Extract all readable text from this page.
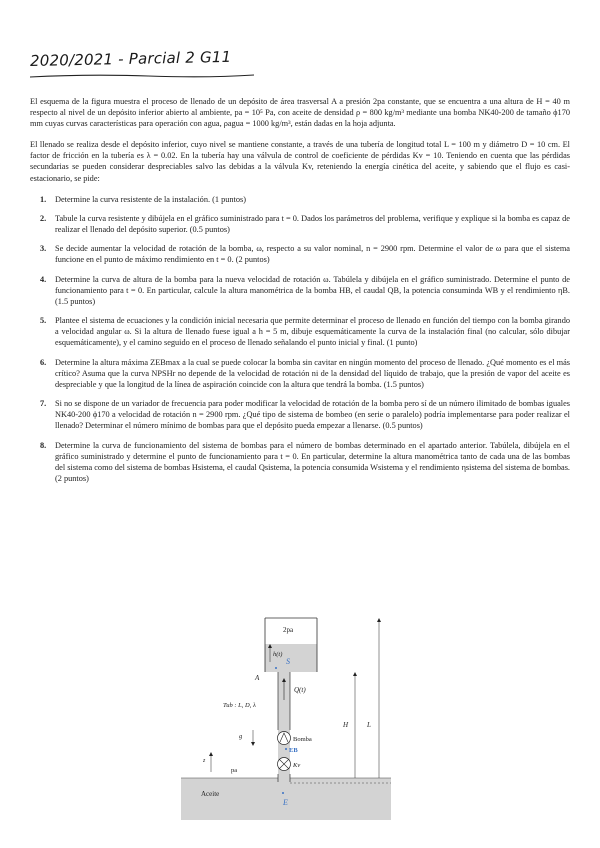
2020/2021 - Parcial 2 G11

El esquema de la figura muestra el proceso de llenado de un depósito de área trasversal A a presión 2pa constante, que se encuentra a una altura de H = 40 m respecto al nivel de un depósito inferior abierto al ambiente, pa = 10⁵ Pa, con aceite de densidad ρ = 800 kg/m³ mediante una bomba NK40-200 de tamaño ϕ170 mm cuyas curvas características para operación con agua, ρagua = 1000 kg/m³, están dadas en la hoja adjunta.

El llenado se realiza desde el depósito inferior, cuyo nivel se mantiene constante, a través de una tubería de longitud total L = 100 m y diámetro D = 10 cm. El factor de fricción en la tubería es λ = 0.02. En la tubería hay una válvula de control de coeficiente de pérdidas Kv = 10. Teniendo en cuenta que las pérdidas secundarias se pueden considerar despreciables salvo las debidas a la válvula Kv, reteniendo la energía cinética del aceite, y sabiendo que el flujo es casi-estacionario, se pide:

1. Determine la curva resistente de la instalación. (1 puntos)
2. Tabule la curva resistente y dibújela en el gráfico suministrado para t = 0. Dados los parámetros del problema, verifique y explique si la bomba es capaz de realizar el llenado del depósito superior. (0.5 puntos)
3. Se decide aumentar la velocidad de rotación de la bomba, ω, respecto a su valor nominal, n = 2900 rpm. Determine el valor de ω para que el sistema funcione en el punto de máximo rendimiento en t = 0. (2 puntos)
4. Determine la curva de altura de la bomba para la nueva velocidad de rotación ω. Tabúlela y dibújela en el gráfico suministrado. Determine el punto de funcionamiento para t = 0. En particular, calcule la altura manométrica de la bomba HB, el caudal QB, la potencia consuminda WB y el rendimiento ηB. (1.5 puntos)
5. Plantee el sistema de ecuaciones y la condición inicial necesaria que permite determinar el proceso de llenado en función del tiempo con la bomba girando a velocidad angular ω. Si la altura de llenado fuese igual a h = 5 m, dibuje esquemáticamente la curva de la instalación final (no calcular, sólo dibujar esquemáticamente), y el camino seguido en el proceso de llenado señalando el punto inicial y final. (1 punto)
6. Determine la altura máxima ZEBmax a la cual se puede colocar la bomba sin cavitar en ningún momento del proceso de llenado. ¿Qué momento es el más crítico? Asuma que la curva NPSHr no depende de la velocidad de rotación ni de la densidad del líquido de trabajo, que la presión de vapor del aceite es despreciable y que la longitud de la línea de aspiración coincide con la altura que tendrá la bomba. (1.5 puntos)
7. Si no se dispone de un variador de frecuencia para poder modificar la velocidad de rotación de la bomba pero sí de un número ilimitado de bombas iguales NK40-200 ϕ170 a velocidad de rotación n = 2900 rpm. ¿Qué tipo de sistema de bombeo (en serie o paralelo) podría implementarse para poder realizar el llenado? Determinar el número mínimo de bombas para que el depósito pueda empezar a llenarse. (0.5 puntos)
8. Determine la curva de funcionamiento del sistema de bombas para el número de bombas determinado en el apartado anterior. Tabúlela, dibújela en el gráfico suministrado y determine el punto de funcionamiento para t = 0. En particular, determine la altura manométrica tanto de cada una de las bombas del sistema como del sistema de bombas Hsistema, el caudal Qsistema, la potencia consumida Wsistema y el rendimiento ηsistema del sistema de bombas. (2 puntos)
2pa
h(t)
A
Q(t)
Tub : L, D, λ
g
z
pa
Bomba
Kv
H	L
Aceite
S
EB
E
